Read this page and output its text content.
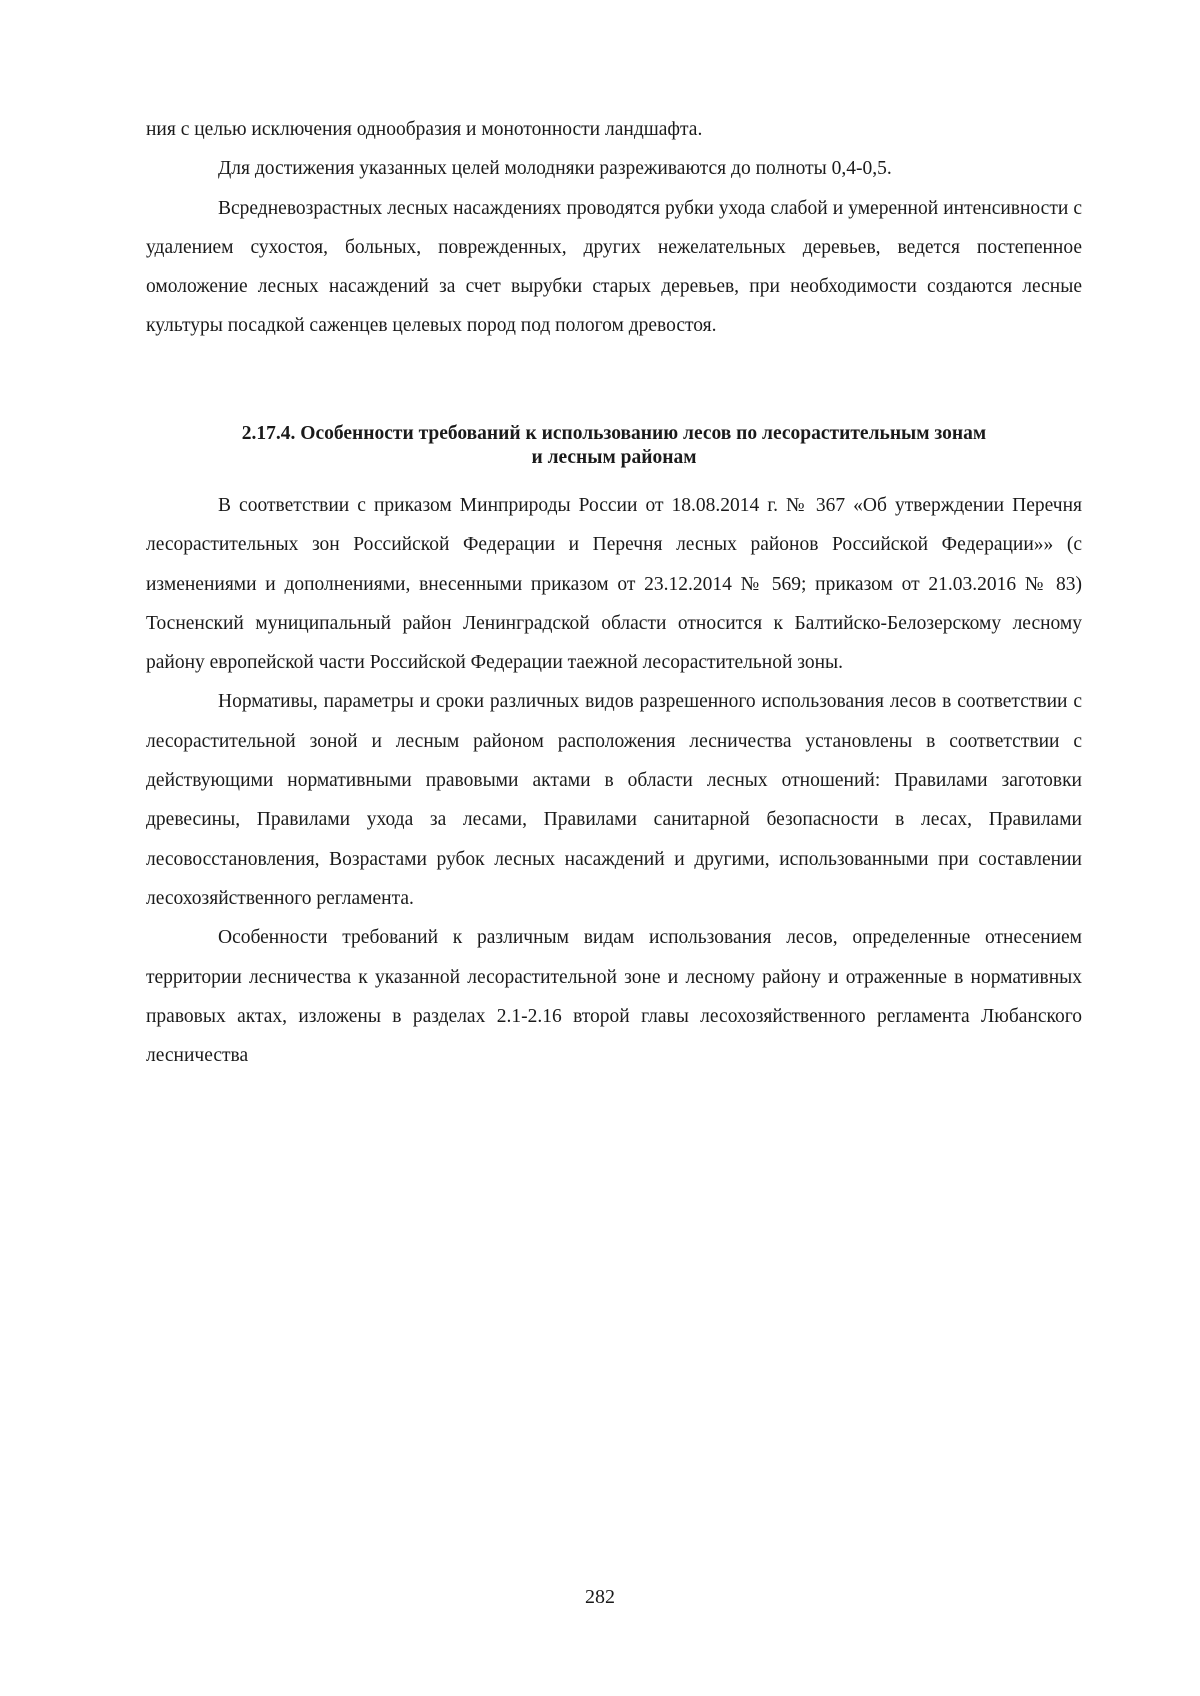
ния с целью исключения однообразия и монотонности ландшафта.

Для достижения указанных целей молодняки разреживаются до полноты 0,4-0,5.

Всредневозрастных лесных насаждениях проводятся рубки ухода слабой и умеренной интенсивности с удалением сухостоя, больных, поврежденных, других нежелательных деревьев, ведется постепенное омоложение лесных насаждений за счет вырубки старых деревьев, при необходимости создаются лесные культуры посадкой саженцев целевых пород под пологом древостоя.

2.17.4. Особенности требований к использованию лесов по лесорастительным зонам
и лесным районам

В соответствии с приказом Минприроды России от 18.08.2014 г. № 367 «Об утверждении Перечня лесорастительных зон Российской Федерации и Перечня лесных районов Российской Федерации»» (с изменениями и дополнениями, внесенными приказом от 23.12.2014 № 569; приказом от 21.03.2016 № 83) Тосненский муниципальный район Ленинградской области относится к Балтийско-Белозерскому лесному району европейской части Российской Федерации таежной лесорастительной зоны.

Нормативы, параметры и сроки различных видов разрешенного использования лесов в соответствии с лесорастительной зоной и лесным районом расположения лесничества установлены в соответствии с действующими нормативными правовыми актами в области лесных отношений: Правилами заготовки древесины, Правилами ухода за лесами, Правилами санитарной безопасности в лесах, Правилами лесовосстановления, Возрастами рубок лесных насаждений и другими, использованными при составлении лесохозяйственного регламента.

Особенности требований к различным видам использования лесов, определенные отнесением территории лесничества к указанной лесорастительной зоне и лесному району и отраженные в нормативных правовых актах, изложены в разделах 2.1-2.16 второй главы лесохозяйственного регламента Любанского лесничества

282
